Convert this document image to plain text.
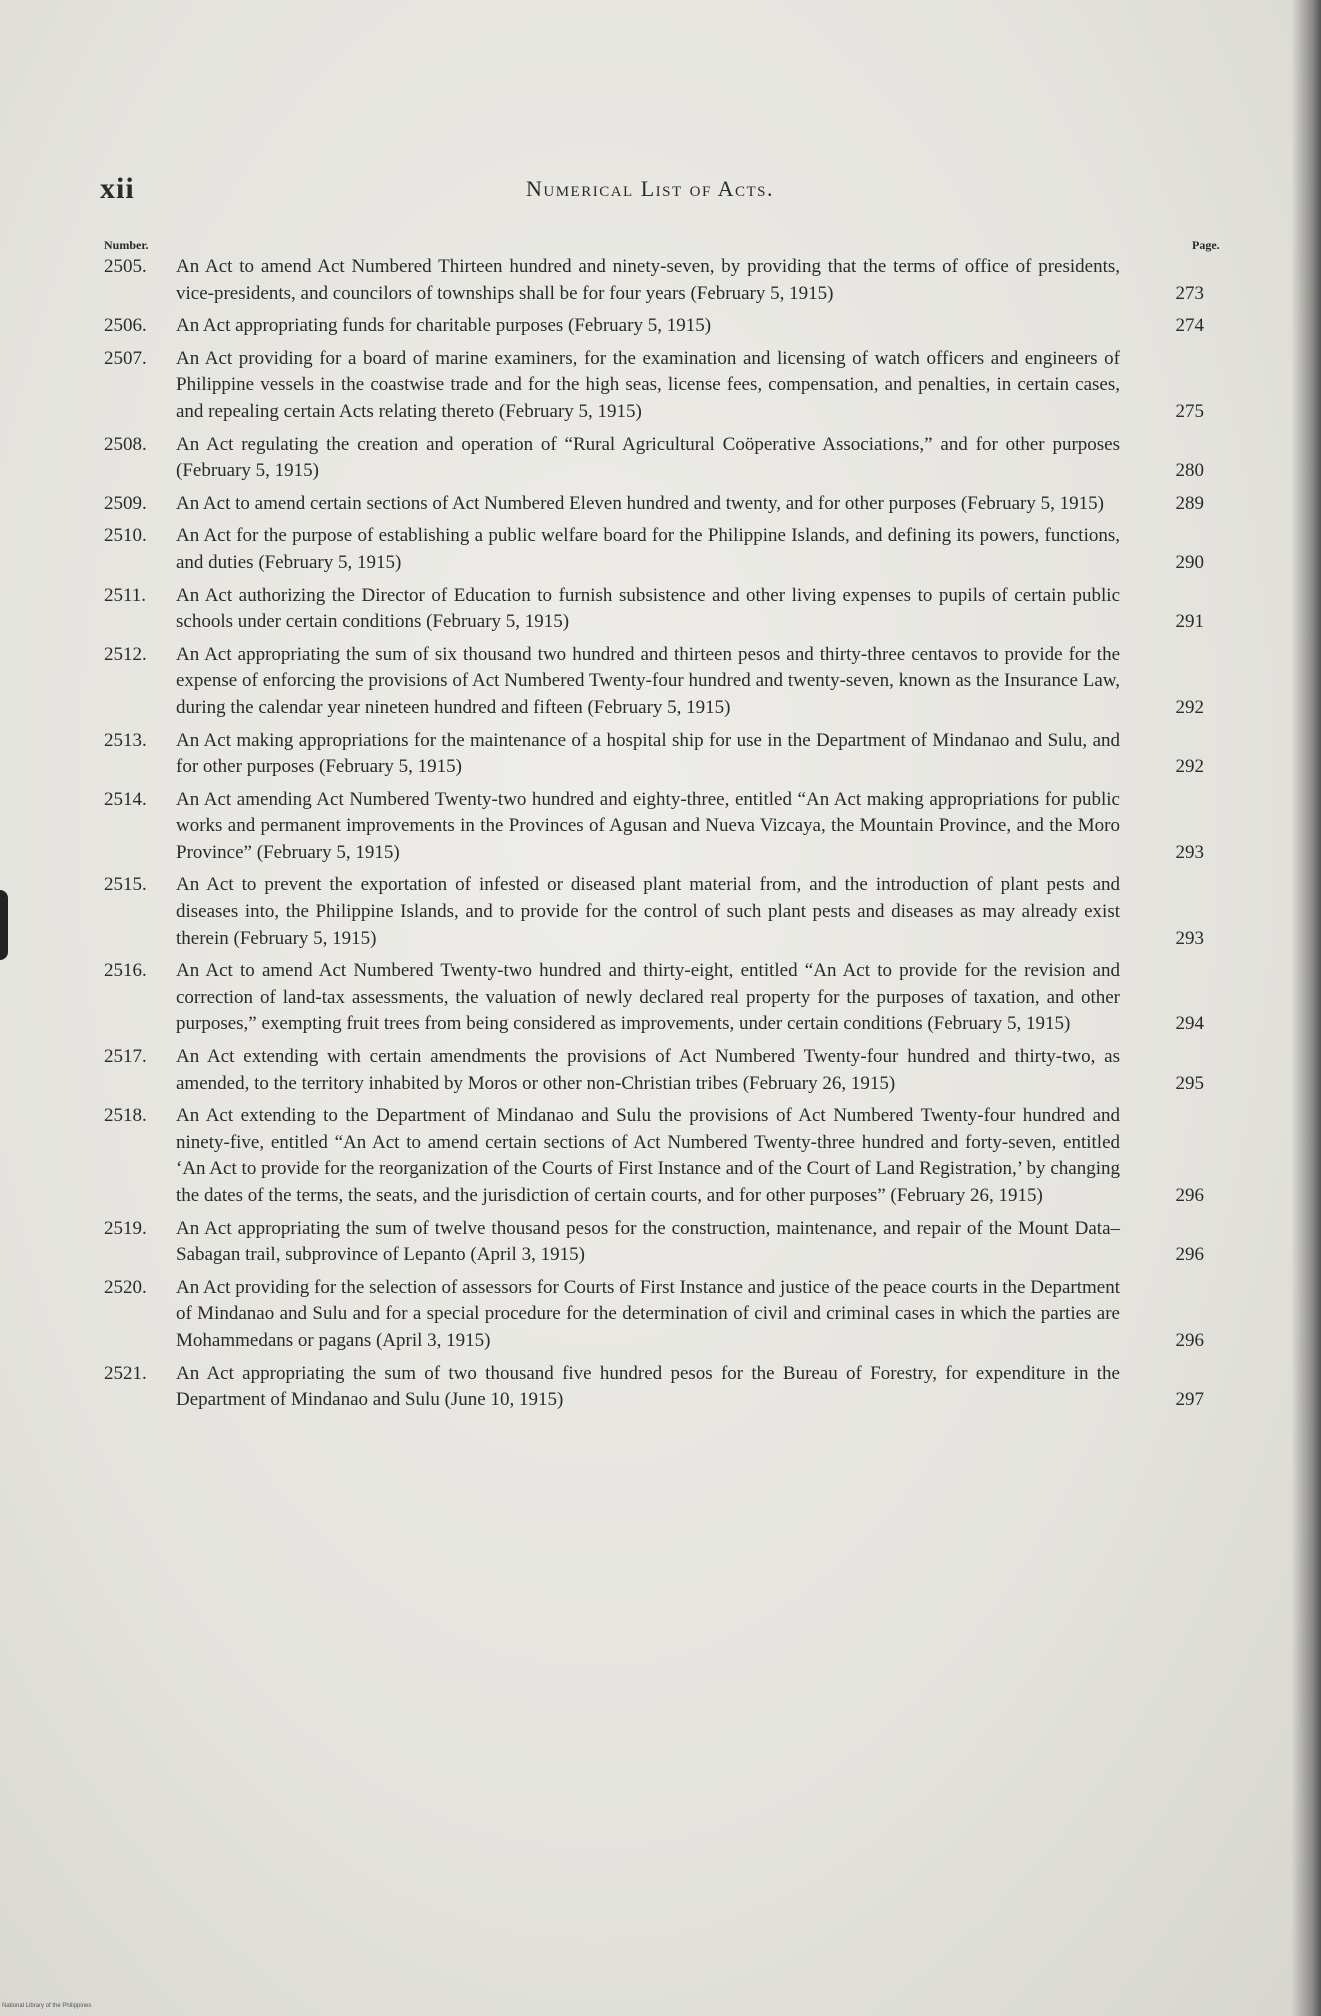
xii	Numerical List of Acts.
Number.	Page.
2505.	An Act to amend Act Numbered Thirteen hundred and ninety-seven, by providing that the terms of office of presidents, vice-presidents, and councilors of townships shall be for four years (February 5, 1915)	273
2506.	An Act appropriating funds for charitable purposes (February 5, 1915)	274
2507.	An Act providing for a board of marine examiners, for the examination and licensing of watch officers and engineers of Philippine vessels in the coastwise trade and for the high seas, license fees, compensation, and penalties, in certain cases, and repealing certain Acts relating thereto (February 5, 1915)	275
2508.	An Act regulating the creation and operation of “Rural Agricultural Coöperative Associations,” and for other purposes (February 5, 1915)	280
2509.	An Act to amend certain sections of Act Numbered Eleven hundred and twenty, and for other purposes (February 5, 1915)	289
2510.	An Act for the purpose of establishing a public welfare board for the Philippine Islands, and defining its powers, functions, and duties (February 5, 1915)	290
2511.	An Act authorizing the Director of Education to furnish subsistence and other living expenses to pupils of certain public schools under certain conditions (February 5, 1915)	291
2512.	An Act appropriating the sum of six thousand two hundred and thirteen pesos and thirty-three centavos to provide for the expense of enforcing the provisions of Act Numbered Twenty-four hundred and twenty-seven, known as the Insurance Law, during the calendar year nineteen hundred and fifteen (February 5, 1915)	292
2513.	An Act making appropriations for the maintenance of a hospital ship for use in the Department of Mindanao and Sulu, and for other purposes (February 5, 1915)	292
2514.	An Act amending Act Numbered Twenty-two hundred and eighty-three, entitled “An Act making appropriations for public works and permanent improvements in the Provinces of Agusan and Nueva Vizcaya, the Mountain Province, and the Moro Province” (February 5, 1915)	293
2515.	An Act to prevent the exportation of infested or diseased plant material from, and the introduction of plant pests and diseases into, the Philippine Islands, and to provide for the control of such plant pests and diseases as may already exist therein (February 5, 1915)	293
2516.	An Act to amend Act Numbered Twenty-two hundred and thirty-eight, entitled “An Act to provide for the revision and correction of land-tax assessments, the valuation of newly declared real property for the purposes of taxation, and other purposes,” exempting fruit trees from being considered as improvements, under certain conditions (February 5, 1915)	294
2517.	An Act extending with certain amendments the provisions of Act Numbered Twenty-four hundred and thirty-two, as amended, to the territory inhabited by Moros or other non-Christian tribes (February 26, 1915)	295
2518.	An Act extending to the Department of Mindanao and Sulu the provisions of Act Numbered Twenty-four hundred and ninety-five, entitled “An Act to amend certain sections of Act Numbered Twenty-three hundred and forty-seven, entitled ‘An Act to provide for the reorganization of the Courts of First Instance and of the Court of Land Registration,’ by changing the dates of the terms, the seats, and the jurisdiction of certain courts, and for other purposes” (February 26, 1915)	296
2519.	An Act appropriating the sum of twelve thousand pesos for the construction, maintenance, and repair of the Mount Data–Sabagan trail, subprovince of Lepanto (April 3, 1915)	296
2520.	An Act providing for the selection of assessors for Courts of First Instance and justice of the peace courts in the Department of Mindanao and Sulu and for a special procedure for the determination of civil and criminal cases in which the parties are Mohammedans or pagans (April 3, 1915)	296
2521.	An Act appropriating the sum of two thousand five hundred pesos for the Bureau of Forestry, for expenditure in the Department of Mindanao and Sulu (June 10, 1915)	297
National Library of the Philippines
